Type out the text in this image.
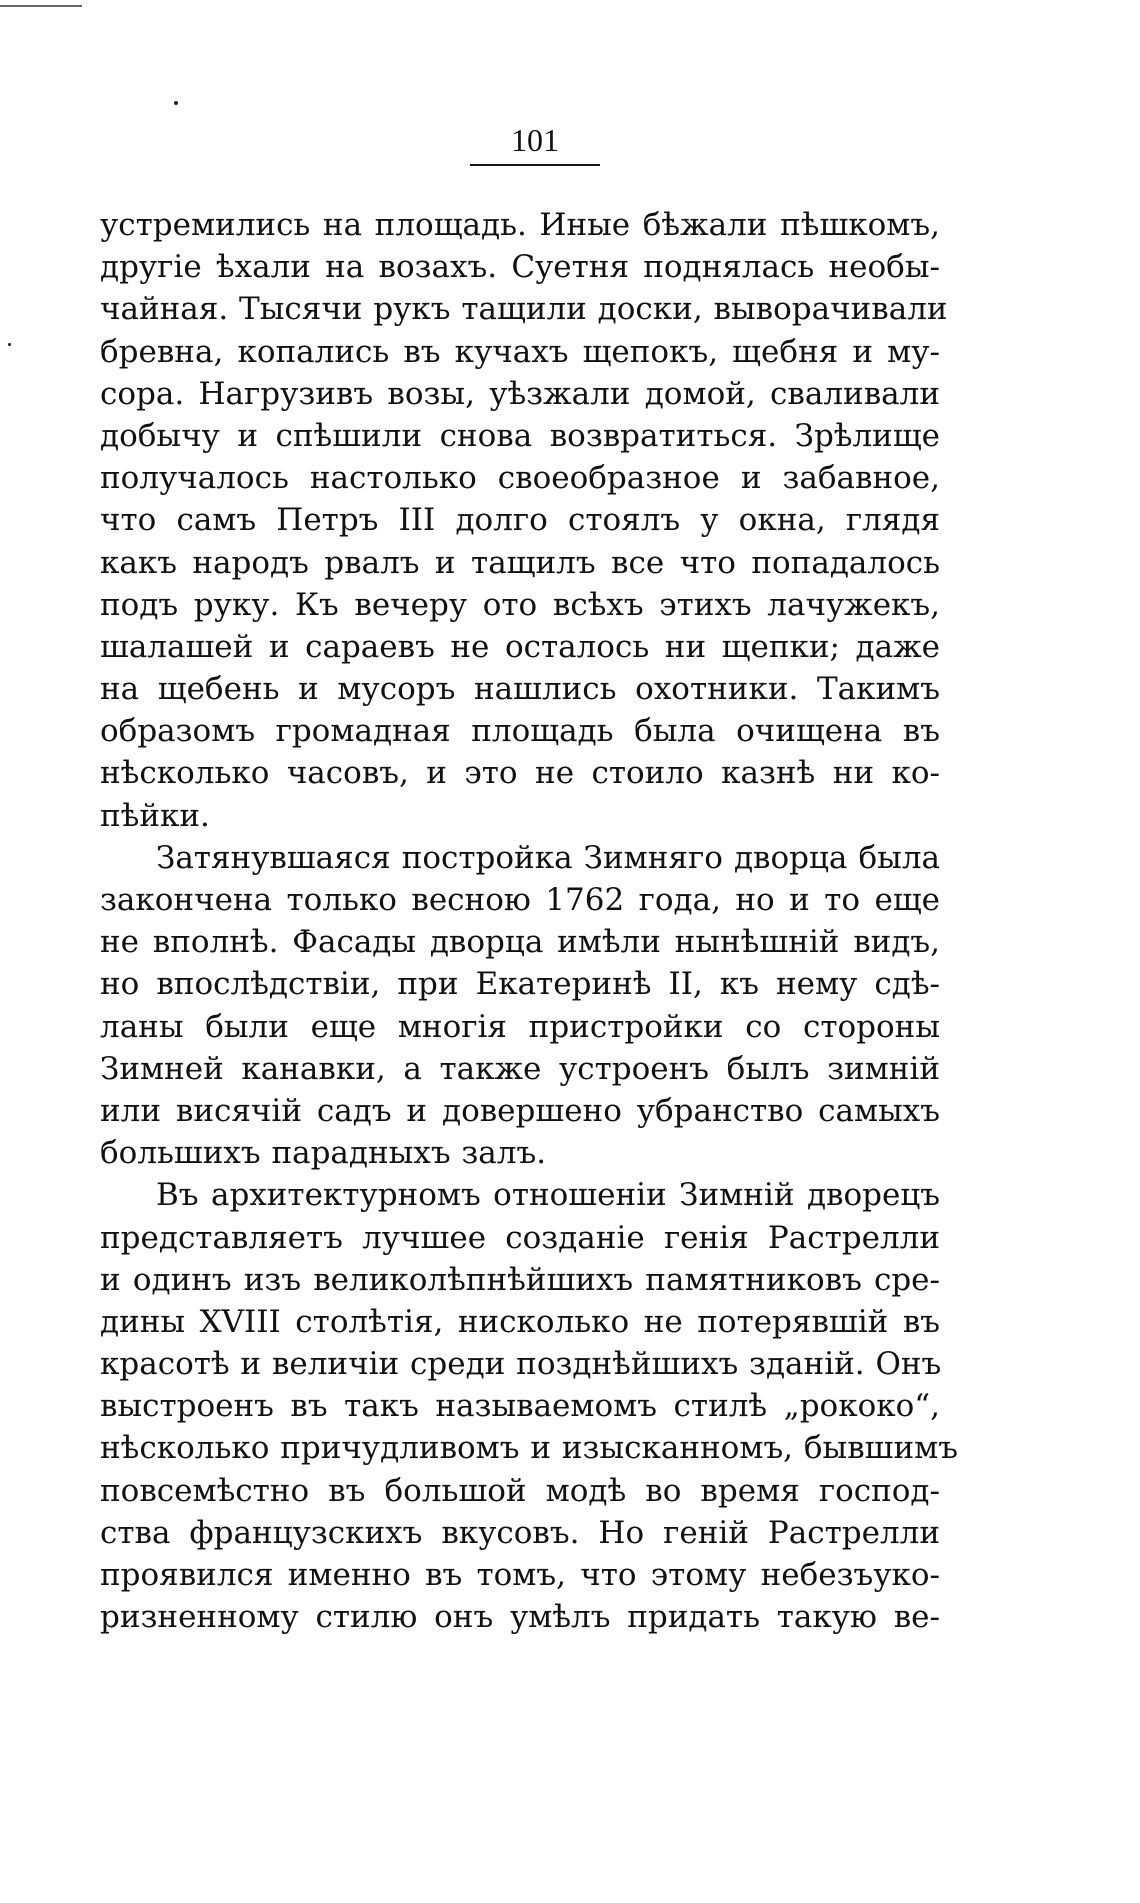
101
устремились на площадь. Иные бѣжали пѣшкомъ,
другіе ѣхали на возахъ. Суетня поднялась необы-
чайная. Тысячи рукъ тащили доски, выворачивали
бревна, копались въ кучахъ щепокъ, щебня и му-
сора. Нагрузивъ возы, уѣзжали домой, сваливали
добычу и спѣшили снова возвратиться. Зрѣлище
получалось настолько своеобразное и забавное,
что самъ Петръ III долго стоялъ у окна, глядя
какъ народъ рвалъ и тащилъ все что попадалось
подъ руку. Къ вечеру ото всѣхъ этихъ лачужекъ,
шалашей и сараевъ не осталось ни щепки; даже
на щебень и мусоръ нашлись охотники. Такимъ
образомъ громадная площадь была очищена въ
нѣсколько часовъ, и это не стоило казнѣ ни ко-
пѣйки.
Затянувшаяся постройка Зимняго дворца была
закончена только весною 1762 года, но и то еще
не вполнѣ. Фасады дворца имѣли нынѣшній видъ,
но впослѣдствіи, при Екатеринѣ II, къ нему сдѣ-
ланы были еще многія пристройки со стороны
Зимней канавки, а также устроенъ былъ зимній
или висячій садъ и довершено убранство самыхъ
большихъ парадныхъ залъ.
Въ архитектурномъ отношеніи Зимній дворецъ
представляетъ лучшее созданіе генія Растрелли
и одинъ изъ великолѣпнѣйшихъ памятниковъ сре-
дины XVIII столѣтія, нисколько не потерявшій въ
красотѣ и величіи среди позднѣйшихъ зданій. Онъ
выстроенъ въ такъ называемомъ стилѣ „рококо“,
нѣсколько причудливомъ и изысканномъ, бывшимъ
повсемѣстно въ большой модѣ во время господ-
ства французскихъ вкусовъ. Но геній Растрелли
проявился именно въ томъ, что этому небезъуко-
ризненному стилю онъ умѣлъ придать такую ве-
